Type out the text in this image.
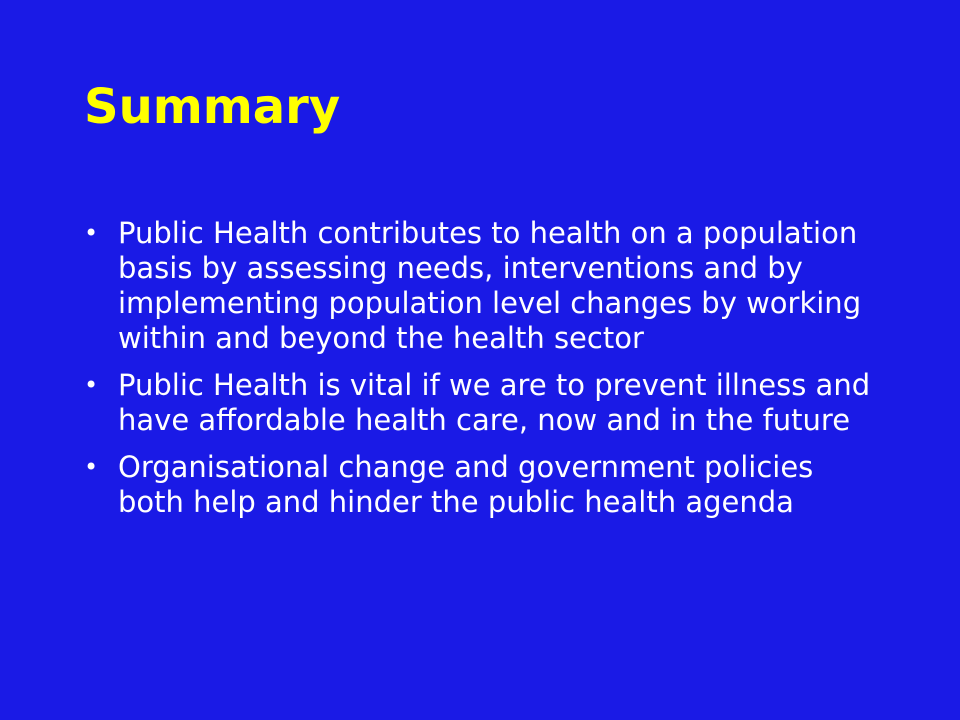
Summary
• Public Health contributes to health on a population basis by assessing needs, interventions and by implementing population level changes by working within and beyond the health sector
• Public Health is vital if we are to prevent illness and have affordable health care, now and in the future
• Organisational change and government policies both help and hinder the public health agenda
